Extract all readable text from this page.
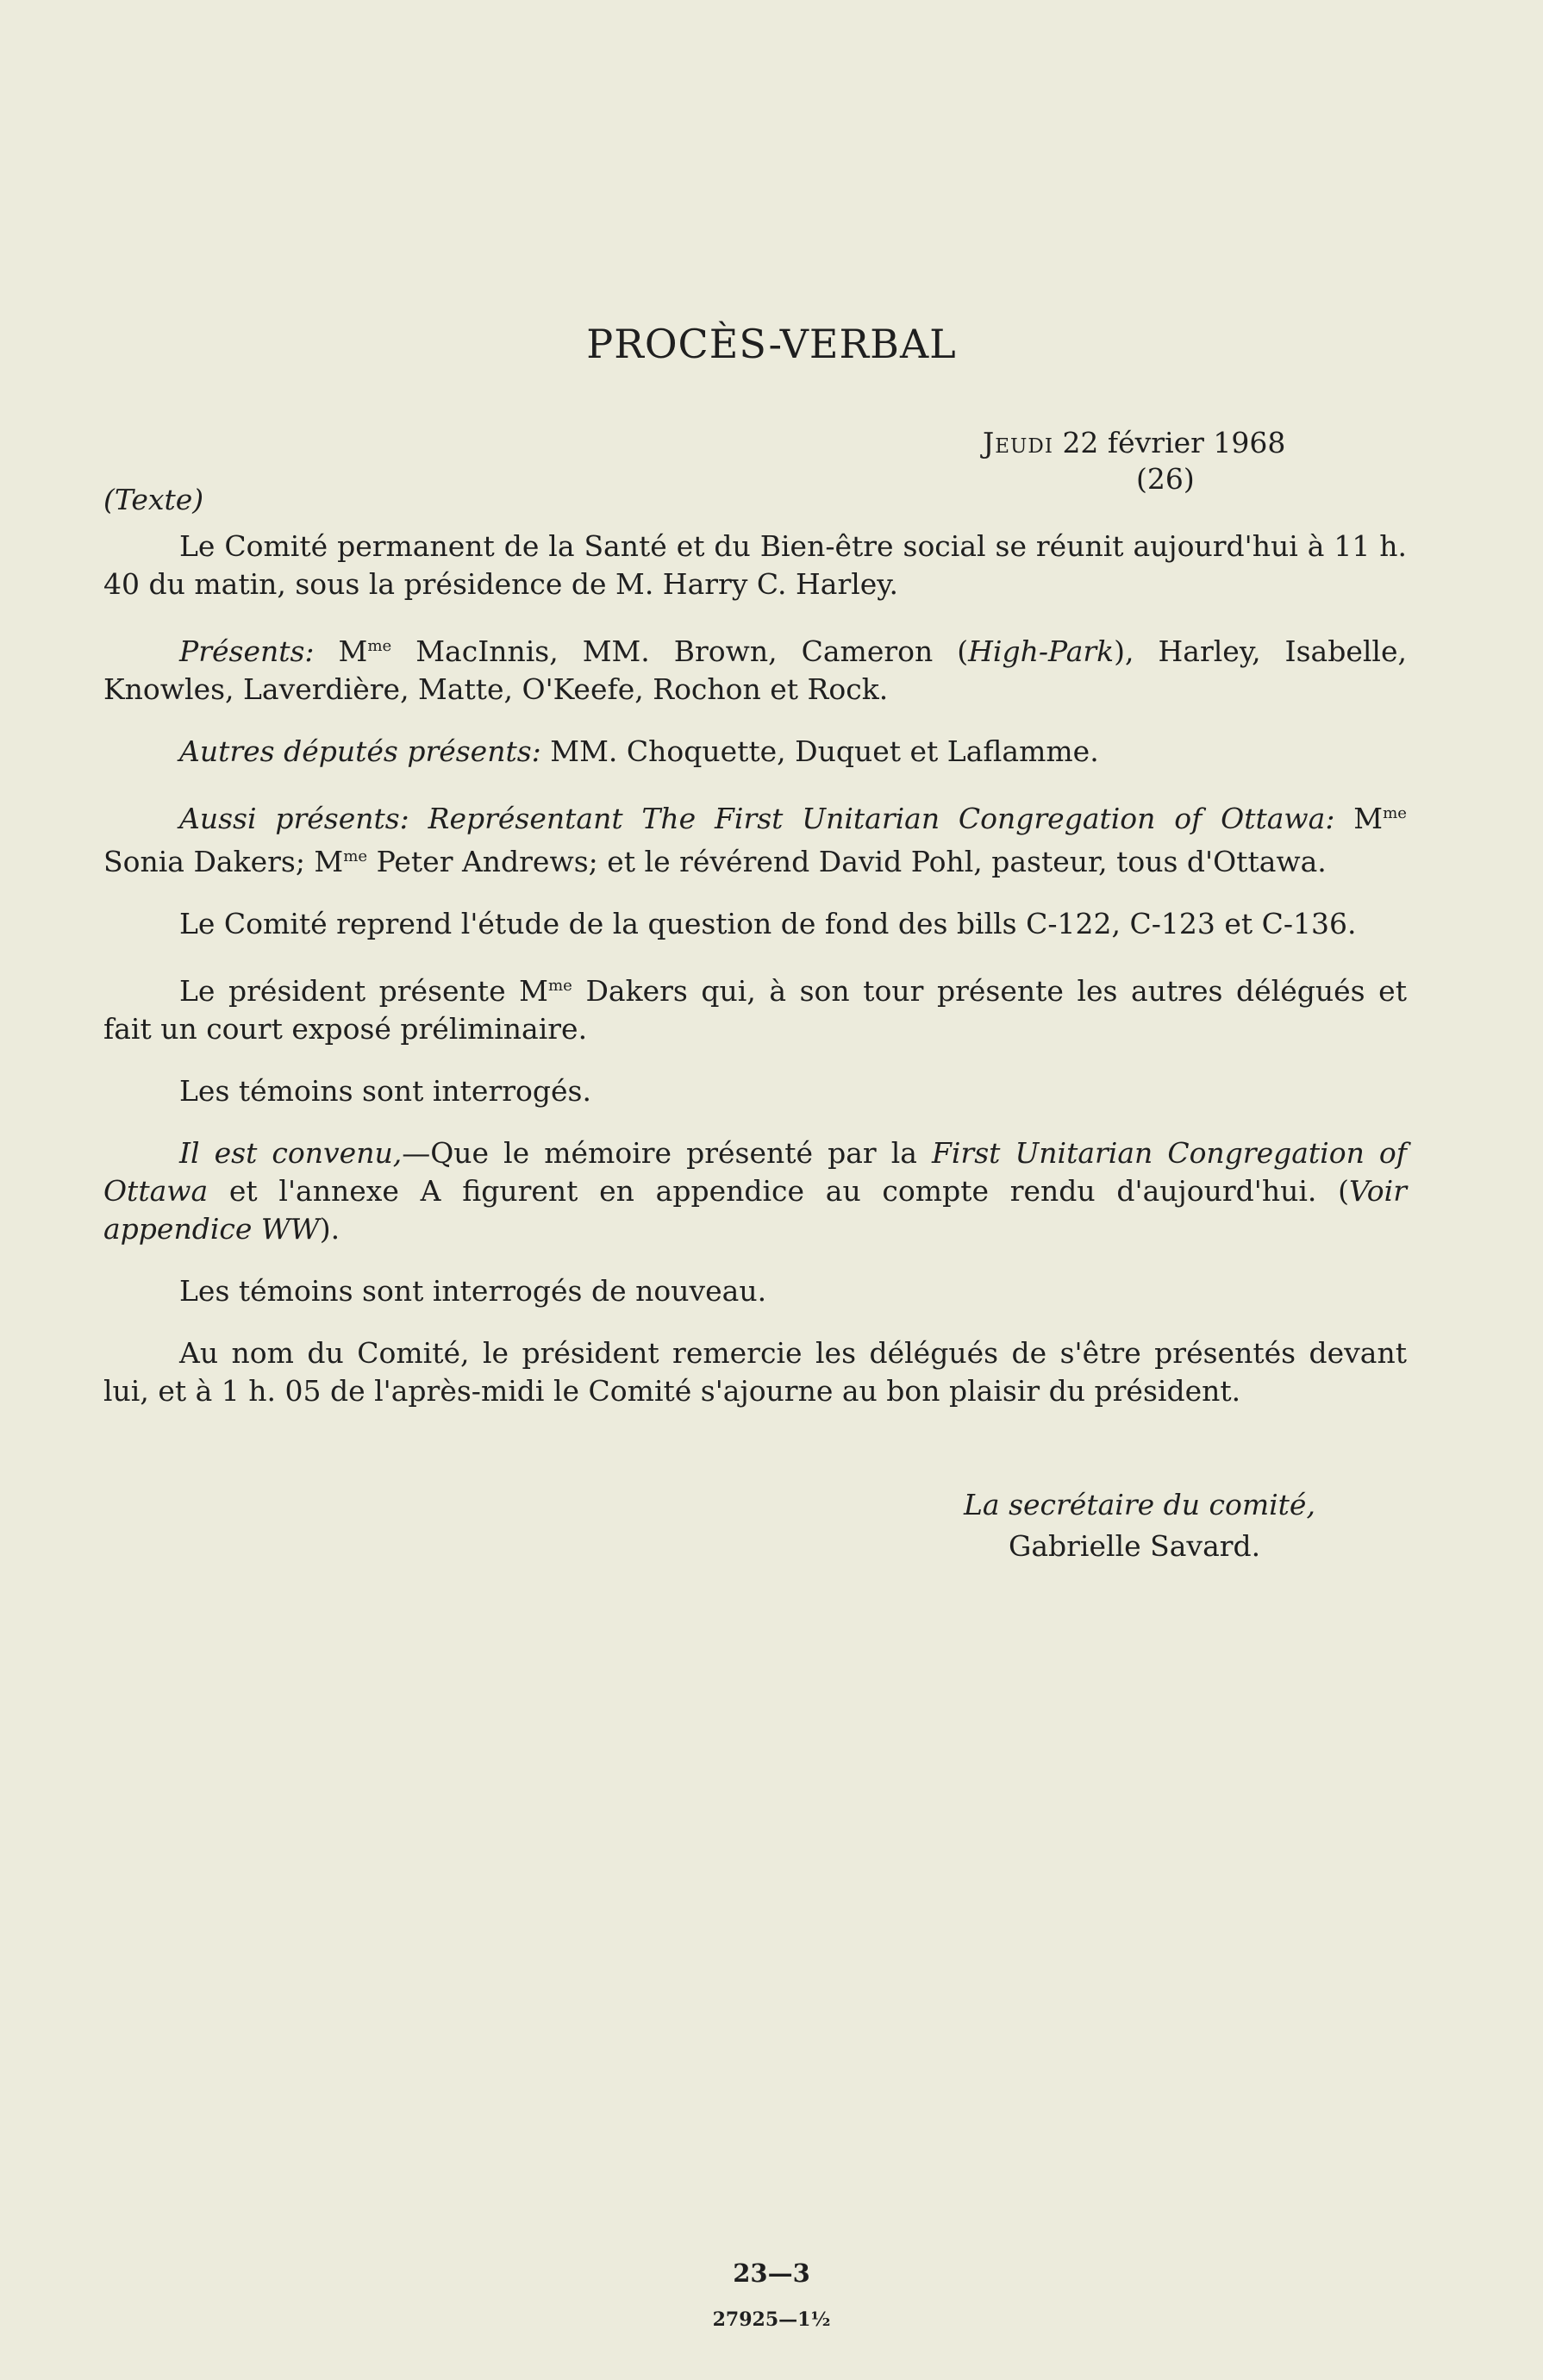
PROCÈS-VERBAL
Jeudi 22 février 1968
(26)
(Texte)

Le Comité permanent de la Santé et du Bien-être social se réunit aujourd'hui à 11 h. 40 du matin, sous la présidence de M. Harry C. Harley.

Présents: $M^{me}$ MacInnis, MM. Brown, Cameron (High-Park), Harley, Isabelle, Knowles, Laverdière, Matte, O'Keefe, Rochon et Rock.

Autres députés présents: MM. Choquette, Duquet et Laflamme.

Aussi présents: Représentant The First Unitarian Congregation of Ottawa: $M^{me}$ Sonia Dakers; $M^{me}$ Peter Andrews; et le révérend David Pohl, pasteur, tous d'Ottawa.

Le Comité reprend l'étude de la question de fond des bills C-122, C-123 et C-136.

Le président présente $M^{me}$ Dakers qui, à son tour présente les autres délégués et fait un court exposé préliminaire.

Les témoins sont interrogés.

Il est convenu,—Que le mémoire présenté par la First Unitarian Congregation of Ottawa et l'annexe A figurent en appendice au compte rendu d'aujourd'hui. (Voir appendice WW).

Les témoins sont interrogés de nouveau.

Au nom du Comité, le président remercie les délégués de s'être présentés devant lui, et à 1 h. 05 de l'après-midi le Comité s'ajourne au bon plaisir du président.

La secrétaire du comité,
Gabrielle Savard.
23—3
27925—1½
